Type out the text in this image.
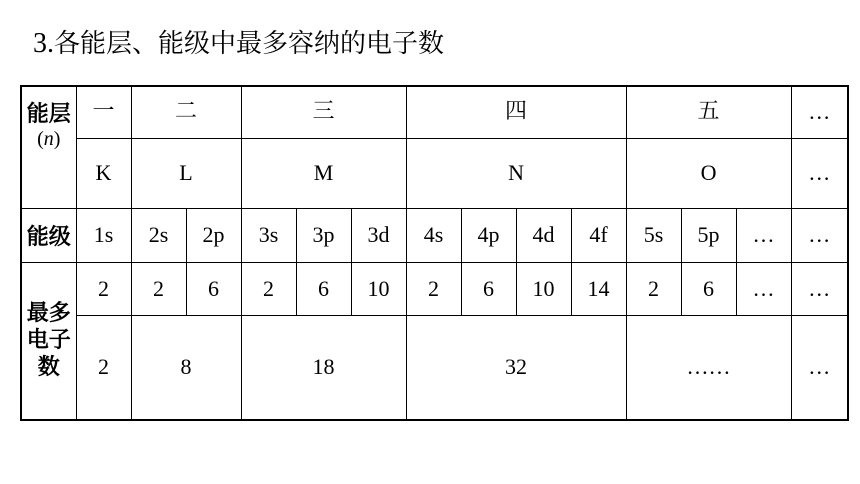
3.各能层、能级中最多容纳的电子数
能层
(n)	一	二		三			四				五			…
	K	L		M			N				O			…
能级	1s	2s	2p	3s	3p	3d	4s	4p	4d	4f	5s	5p	…	…
最多
电子
数	2	2	6	2	6	10	2	6	10	14	2	6	…	…
	2	8		18			32				……			…
